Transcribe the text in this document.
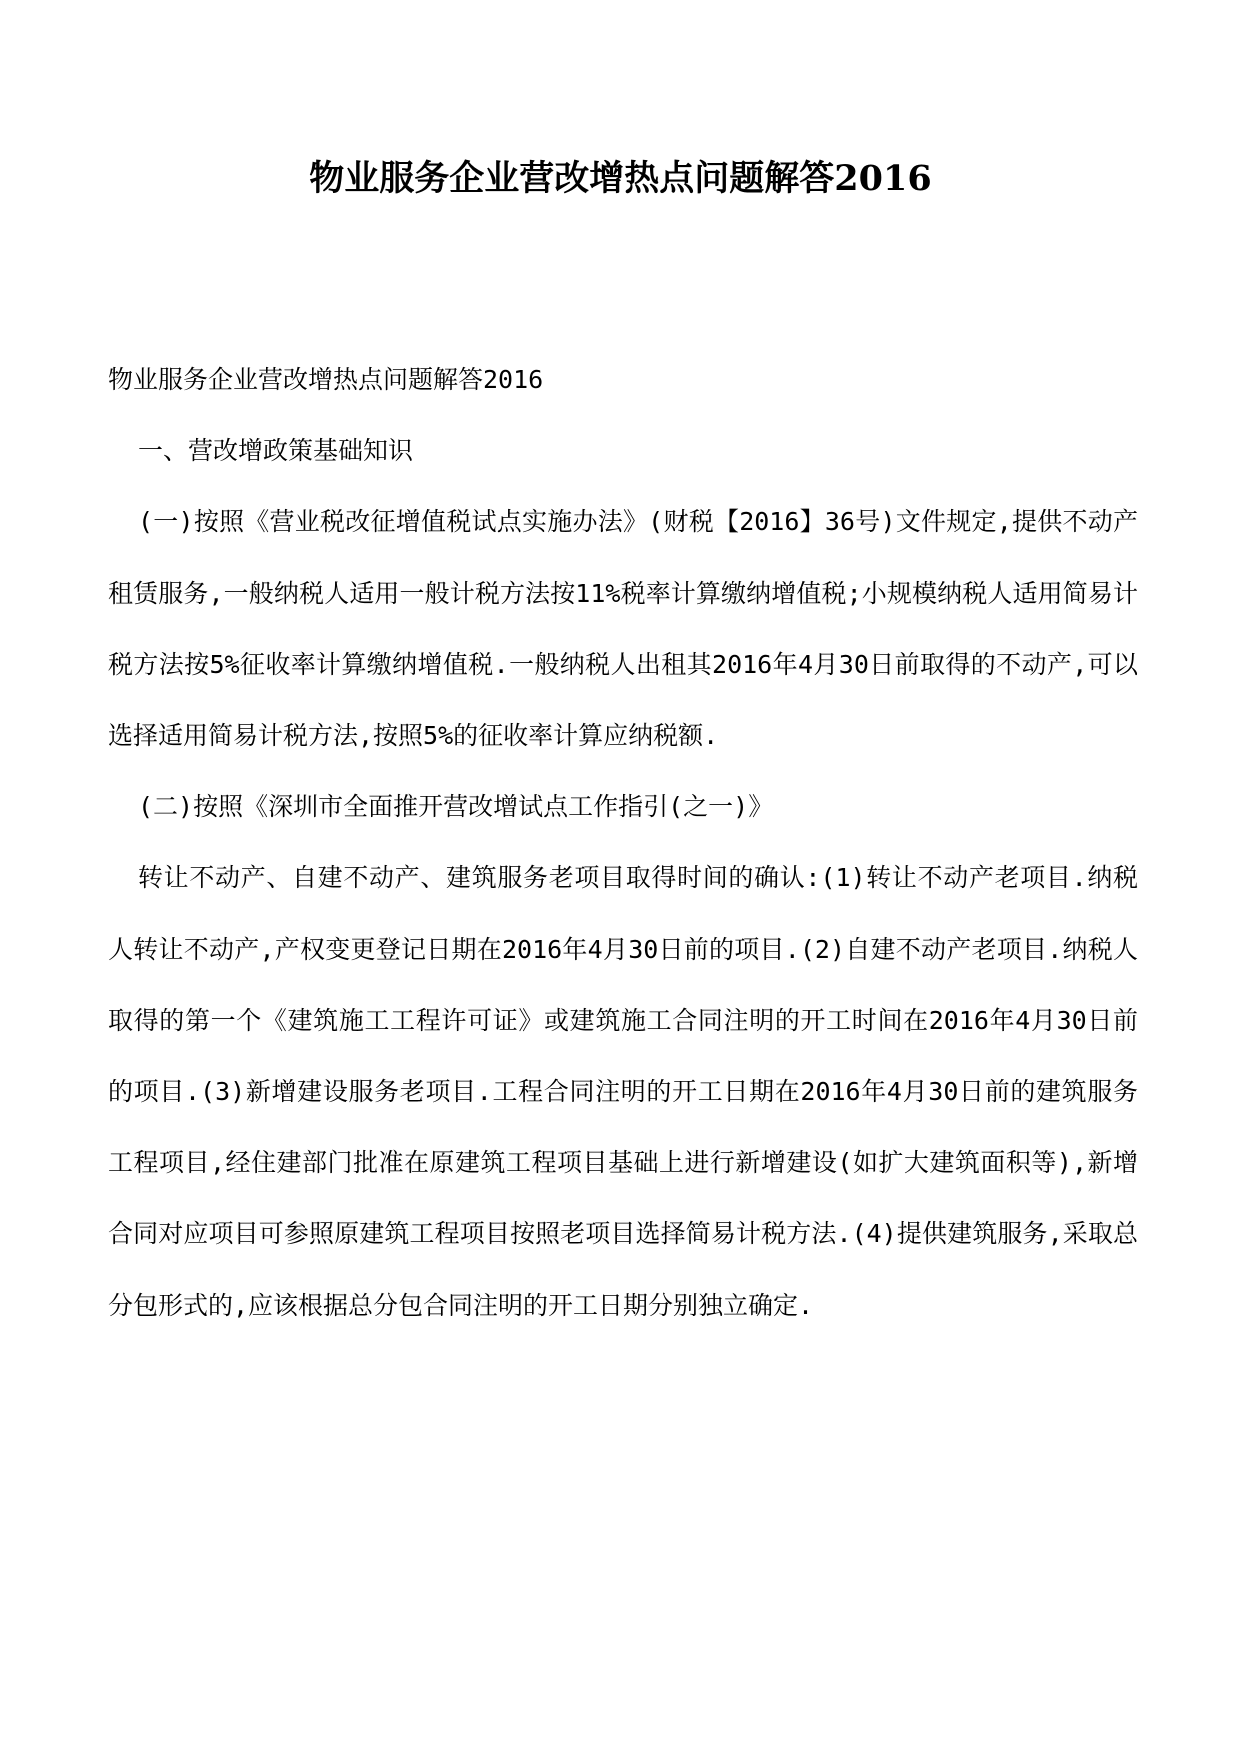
物业服务企业营改增热点问题解答2016

物业服务企业营改增热点问题解答2016

一、营改增政策基础知识

(一)按照《营业税改征增值税试点实施办法》(财税【2016】36号)文件规定,提供不动产租赁服务,一般纳税人适用一般计税方法按11%税率计算缴纳增值税;小规模纳税人适用简易计税方法按5%征收率计算缴纳增值税.一般纳税人出租其2016年4月30日前取得的不动产,可以选择适用简易计税方法,按照5%的征收率计算应纳税额.

(二)按照《深圳市全面推开营改增试点工作指引(之一)》

转让不动产、自建不动产、建筑服务老项目取得时间的确认:(1)转让不动产老项目.纳税人转让不动产,产权变更登记日期在2016年4月30日前的项目.(2)自建不动产老项目.纳税人取得的第一个《建筑施工工程许可证》或建筑施工合同注明的开工时间在2016年4月30日前的项目.(3)新增建设服务老项目.工程合同注明的开工日期在2016年4月30日前的建筑服务工程项目,经住建部门批准在原建筑工程项目基础上进行新增建设(如扩大建筑面积等),新增合同对应项目可参照原建筑工程项目按照老项目选择简易计税方法.(4)提供建筑服务,采取总分包形式的,应该根据总分包合同注明的开工日期分别独立确定.
